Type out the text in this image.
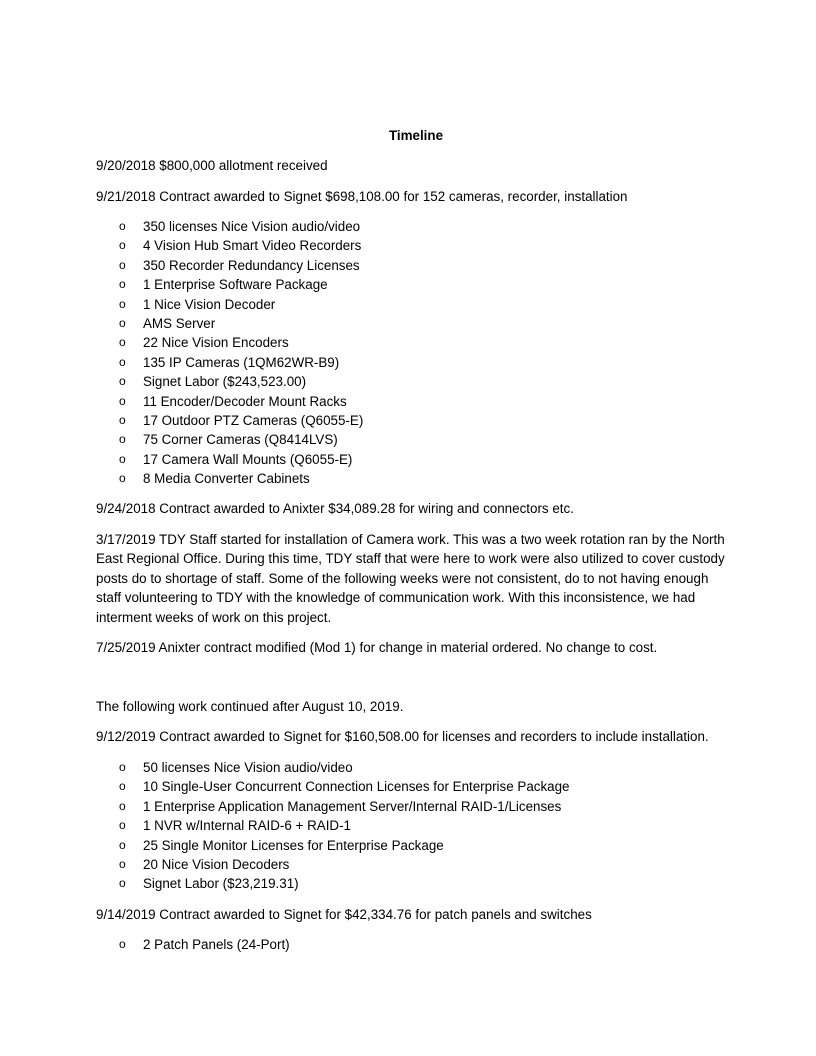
Timeline

9/20/2018 $800,000 allotment received

9/21/2018 Contract awarded to Signet $698,108.00 for 152 cameras, recorder, installation

o 350 licenses Nice Vision audio/video
o 4 Vision Hub Smart Video Recorders
o 350 Recorder Redundancy Licenses
o 1 Enterprise Software Package
o 1 Nice Vision Decoder
o AMS Server
o 22 Nice Vision Encoders
o 135 IP Cameras (1QM62WR-B9)
o Signet Labor ($243,523.00)
o 11 Encoder/Decoder Mount Racks
o 17 Outdoor PTZ Cameras (Q6055-E)
o 75 Corner Cameras (Q8414LVS)
o 17 Camera Wall Mounts (Q6055-E)
o 8 Media Converter Cabinets

9/24/2018 Contract awarded to Anixter $34,089.28 for wiring and connectors etc.

3/17/2019 TDY Staff started for installation of Camera work. This was a two week rotation ran by the North East Regional Office. During this time, TDY staff that were here to work were also utilized to cover custody posts do to shortage of staff. Some of the following weeks were not consistent, do to not having enough staff volunteering to TDY with the knowledge of communication work. With this inconsistence, we had interment weeks of work on this project.

7/25/2019 Anixter contract modified (Mod 1) for change in material ordered. No change to cost.

The following work continued after August 10, 2019.

9/12/2019 Contract awarded to Signet for $160,508.00 for licenses and recorders to include installation.

o 50 licenses Nice Vision audio/video
o 10 Single-User Concurrent Connection Licenses for Enterprise Package
o 1 Enterprise Application Management Server/Internal RAID-1/Licenses
o 1 NVR w/Internal RAID-6 + RAID-1
o 25 Single Monitor Licenses for Enterprise Package
o 20 Nice Vision Decoders
o Signet Labor ($23,219.31)

9/14/2019 Contract awarded to Signet for $42,334.76 for patch panels and switches

o 2 Patch Panels (24-Port)
